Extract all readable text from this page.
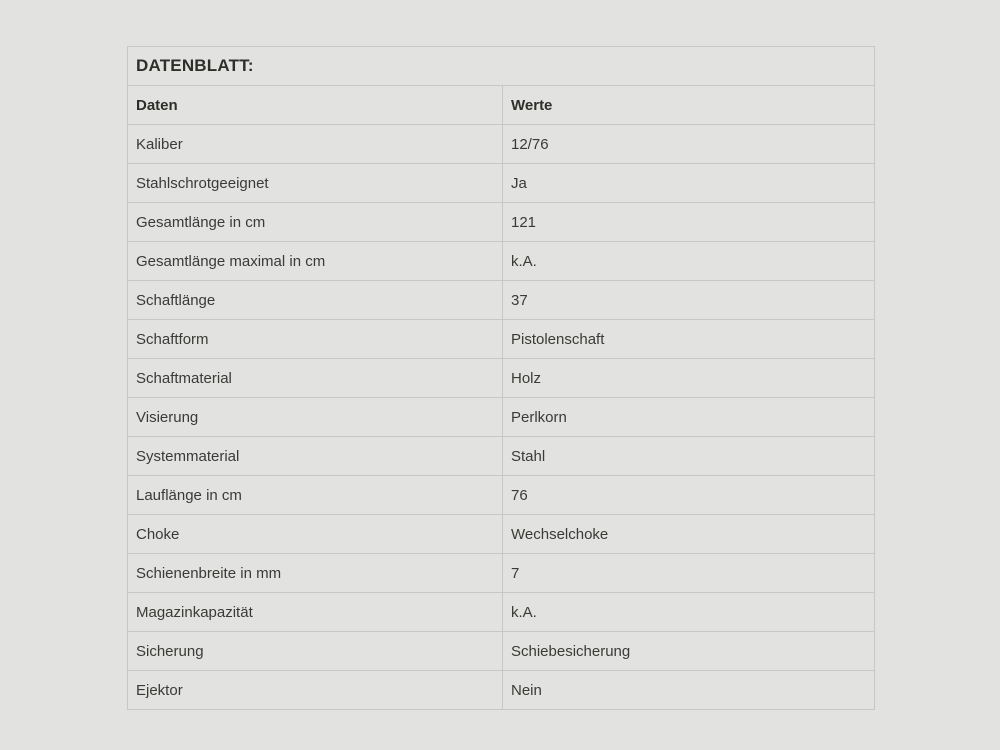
DATENBLATT:
Daten	Werte
Kaliber	12/76
Stahlschrotgeeignet	Ja
Gesamtlänge in cm	121
Gesamtlänge maximal in cm	k.A.
Schaftlänge	37
Schaftform	Pistolenschaft
Schaftmaterial	Holz
Visierung	Perlkorn
Systemmaterial	Stahl
Lauflänge in cm	76
Choke	Wechselchoke
Schienenbreite in mm	7
Magazinkapazität	k.A.
Sicherung	Schiebesicherung
Ejektor	Nein
